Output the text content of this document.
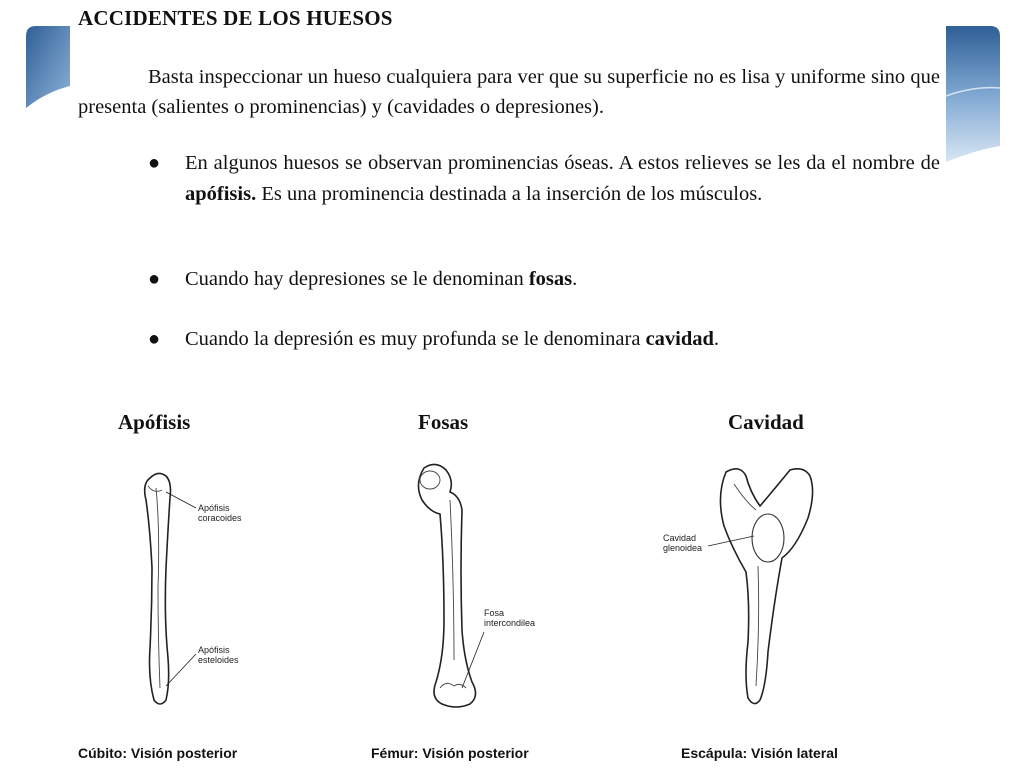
ACCIDENTES DE LOS HUESOS

Basta inspeccionar un hueso cualquiera para ver que su superficie no es lisa y uniforme sino que presenta (salientes o prominencias) y (cavidades o depresiones).

● En algunos huesos se observan prominencias óseas. A estos relieves se les da el nombre de apófisis. Es una prominencia destinada a la inserción de los músculos.
● Cuando hay depresiones se le denominan fosas.
● Cuando la depresión es muy profunda se le denominara cavidad.
Apófisis	Fosas	Cavidad
Apófisis coracoides
Apófisis esteloides
Fosa intercondilea
Cavidad glenoidea

Cúbito: Visión posterior	Fémur: Visión posterior	Escápula: Visión lateral
